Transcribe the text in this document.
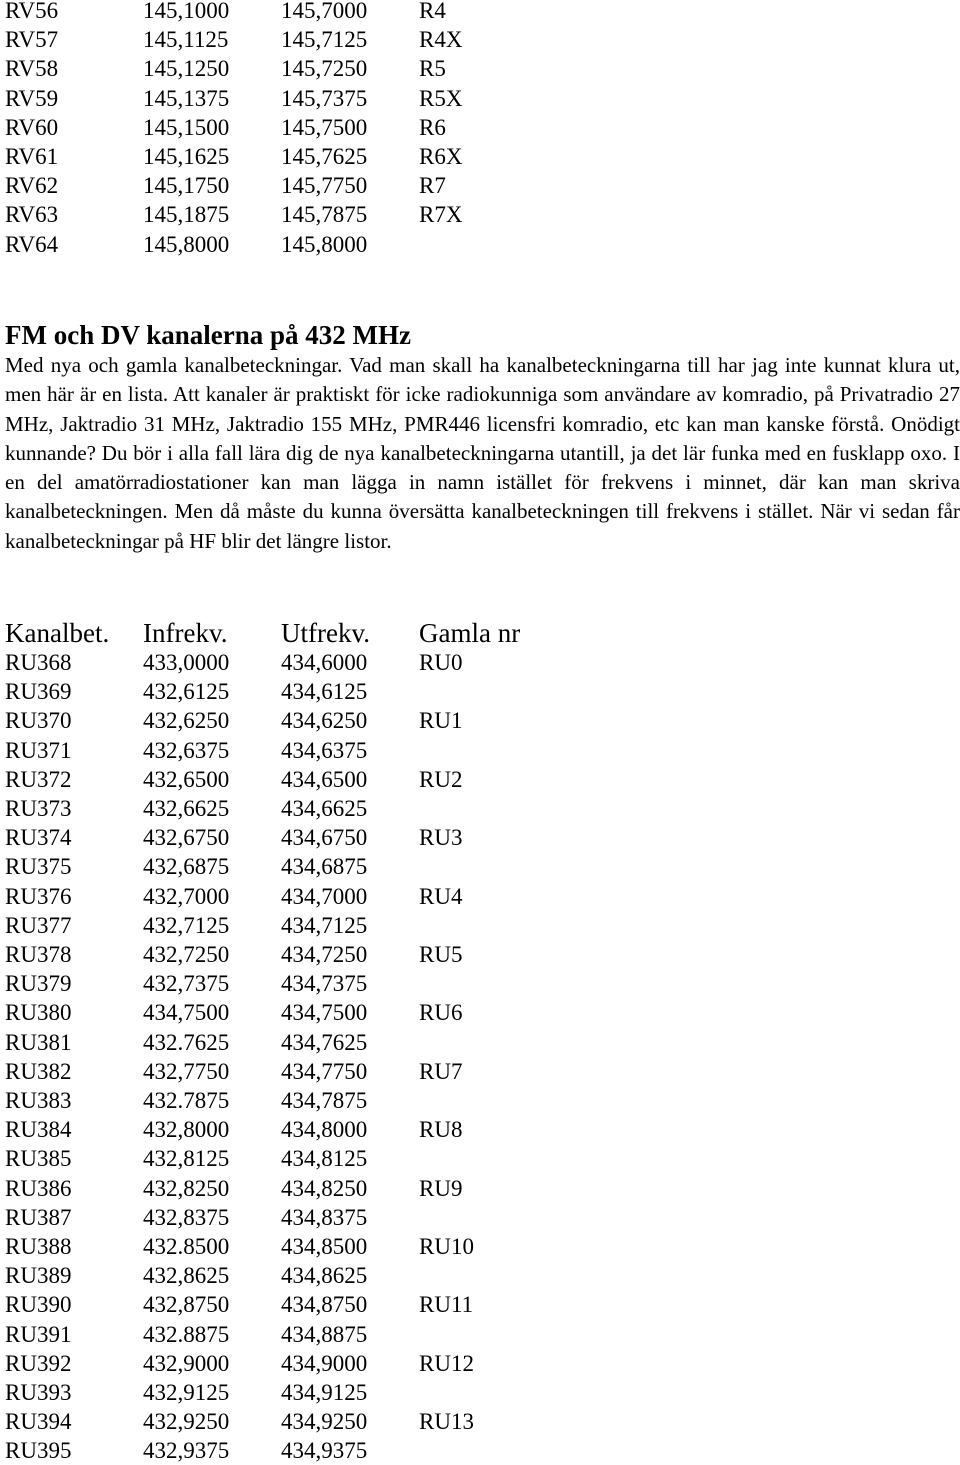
RV56	145,1000 145,7000 R4
RV57	145,1125 145,7125 R4X
RV58	145,1250 145,7250 R5
RV59	145,1375 145,7375 R5X
RV60	145,1500 145,7500 R6
RV61	145,1625 145,7625 R6X
RV62	145,1750 145,7750 R7
RV63	145,1875 145,7875 R7X
RV64	145,8000 145,8000
FM och DV kanalerna på 432 MHz
Med nya och gamla kanalbeteckningar. Vad man skall ha kanalbeteckningarna till har jag inte kunnat klura ut, men här är en lista. Att kanaler är praktiskt för icke radiokunniga som användare av komradio, på Privatradio 27 MHz, Jaktradio 31 MHz, Jaktradio 155 MHz, PMR446 licensfri komradio, etc kan man kanske förstå. Onödigt kunnande? Du bör i alla fall lära dig de nya kanalbeteckningarna utantill, ja det lär funka med en fusklapp oxo. I en del amatörradiostationer kan man lägga in namn istället för frekvens i minnet, där kan man skriva kanalbeteckningen. Men då måste du kunna översätta kanalbeteckningen till frekvens i stället. När vi sedan får kanalbeteckningar på HF blir det längre listor.
Kanalbet. Infrekv. Utfrekv. Gamla nr
RU368	433,0000 434,6000 RU0
RU369	432,6125 434,6125
RU370	432,6250 434,6250 RU1
RU371	432,6375 434,6375
RU372	432,6500 434,6500 RU2
RU373	432,6625 434,6625
RU374	432,6750 434,6750 RU3
RU375	432,6875 434,6875
RU376	432,7000 434,7000 RU4
RU377	432,7125 434,7125
RU378	432,7250 434,7250 RU5
RU379	432,7375 434,7375
RU380	434,7500 434,7500 RU6
RU381	432.7625 434,7625
RU382	432,7750 434,7750 RU7
RU383	432.7875 434,7875
RU384	432,8000 434,8000 RU8
RU385	432,8125 434,8125
RU386	432,8250 434,8250 RU9
RU387	432,8375 434,8375
RU388	432.8500 434,8500 RU10
RU389	432,8625 434,8625
RU390	432,8750 434,8750 RU11
RU391	432.8875 434,8875
RU392	432,9000 434,9000 RU12
RU393	432,9125 434,9125
RU394	432,9250 434,9250 RU13
RU395	432,9375 434,9375
